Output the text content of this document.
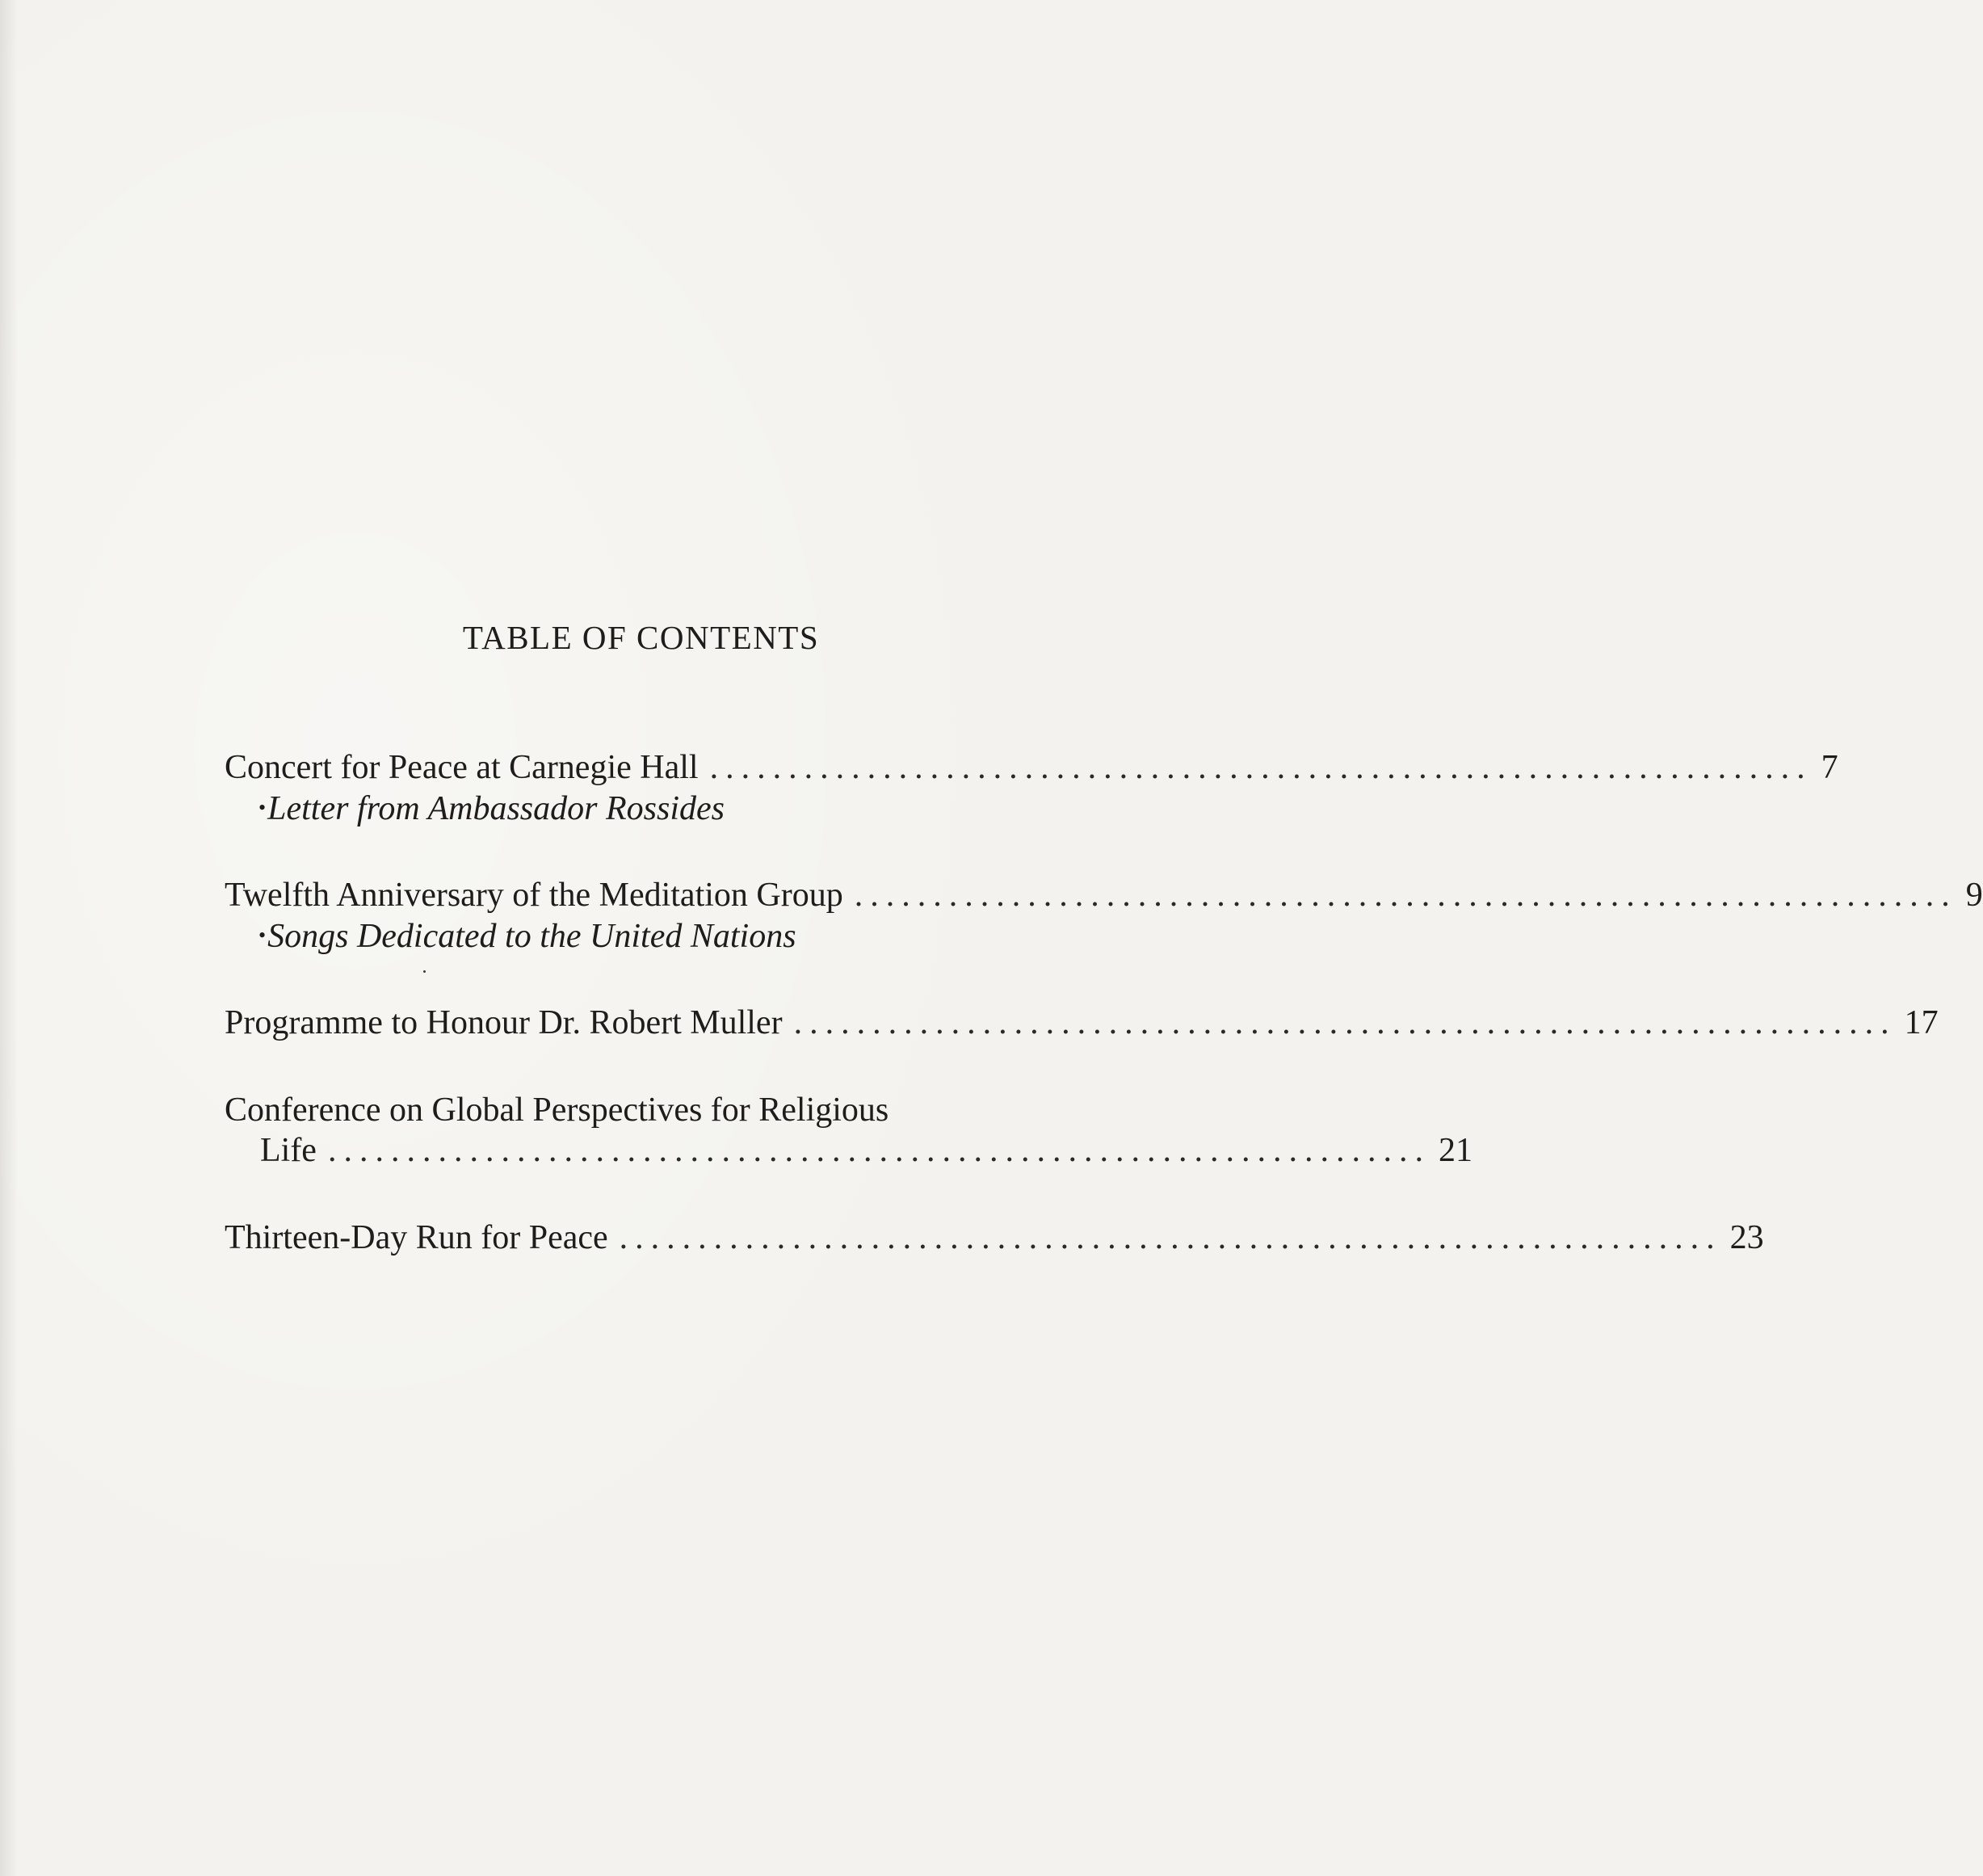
TABLE OF CONTENTS
Concert for Peace at Carnegie Hall ...................................................................... 7
•Letter from Ambassador Rossides
Twelfth Anniversary of the Meditation Group ...................................................................... 9
•Songs Dedicated to the United Nations
Programme to Honour Dr. Robert Muller ...................................................................... 17
Conference on Global Perspectives for Religious
Life ...................................................................... 21
Thirteen-Day Run for Peace ...................................................................... 23
